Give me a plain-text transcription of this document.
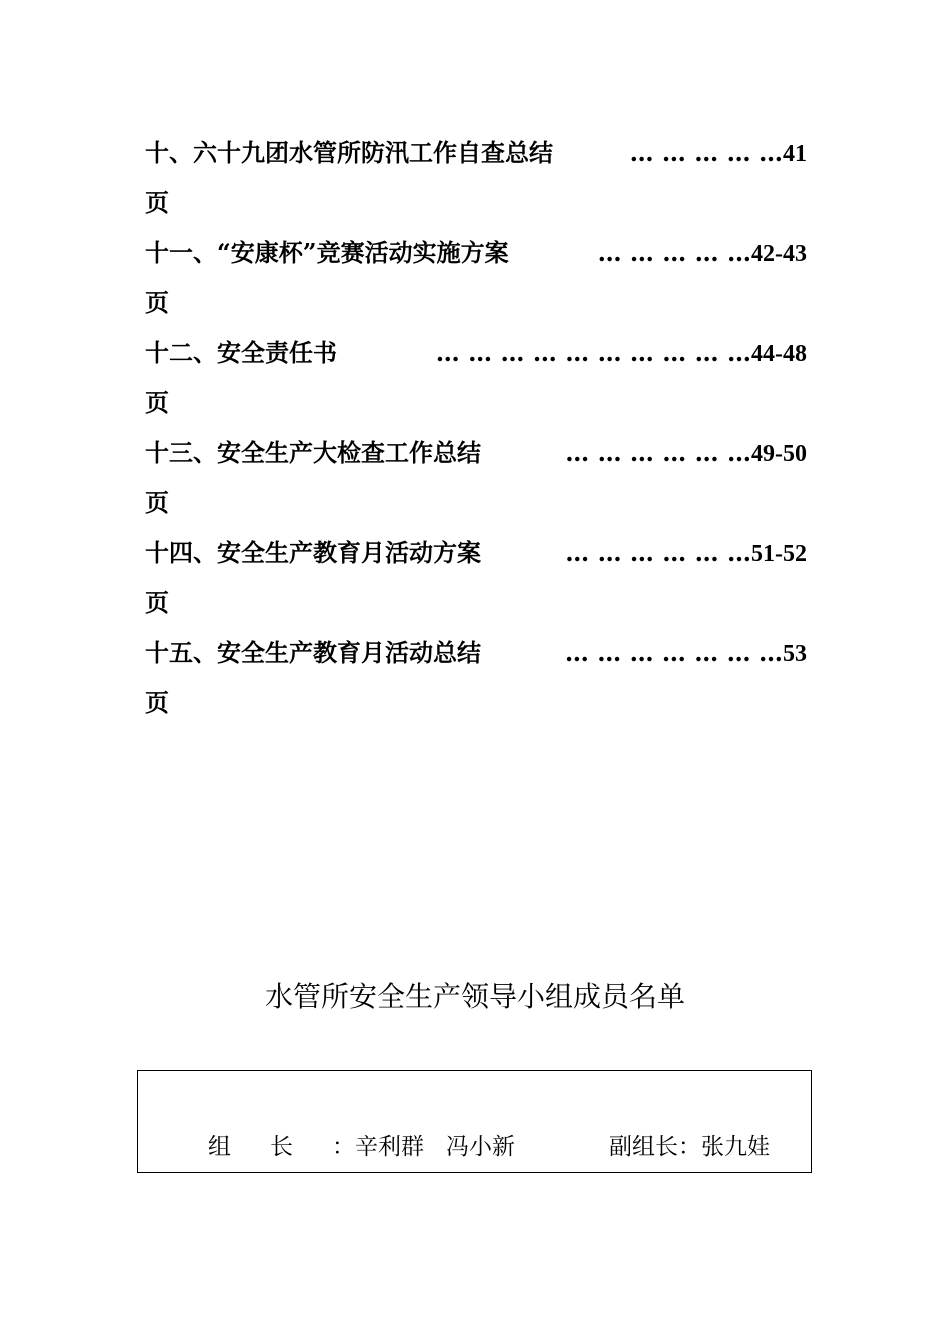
十、六十九团水管所防汛工作自查总结	… … … … … 41
页
十一、“安康杯”竞赛活动实施方案	… … … … … 42-43
页
十二、安全责任书	… … … … … … … … … … 44-48
页
十三、安全生产大检查工作总结	… … … … … … 49-50
页
十四、安全生产教育月活动方案	… … … … … … 51-52
页
十五、安全生产教育月活动总结	… … … … … … … 53
页
水管所安全生产领导小组成员名单
组长：辛利群 冯小新	副组长：张九娃
